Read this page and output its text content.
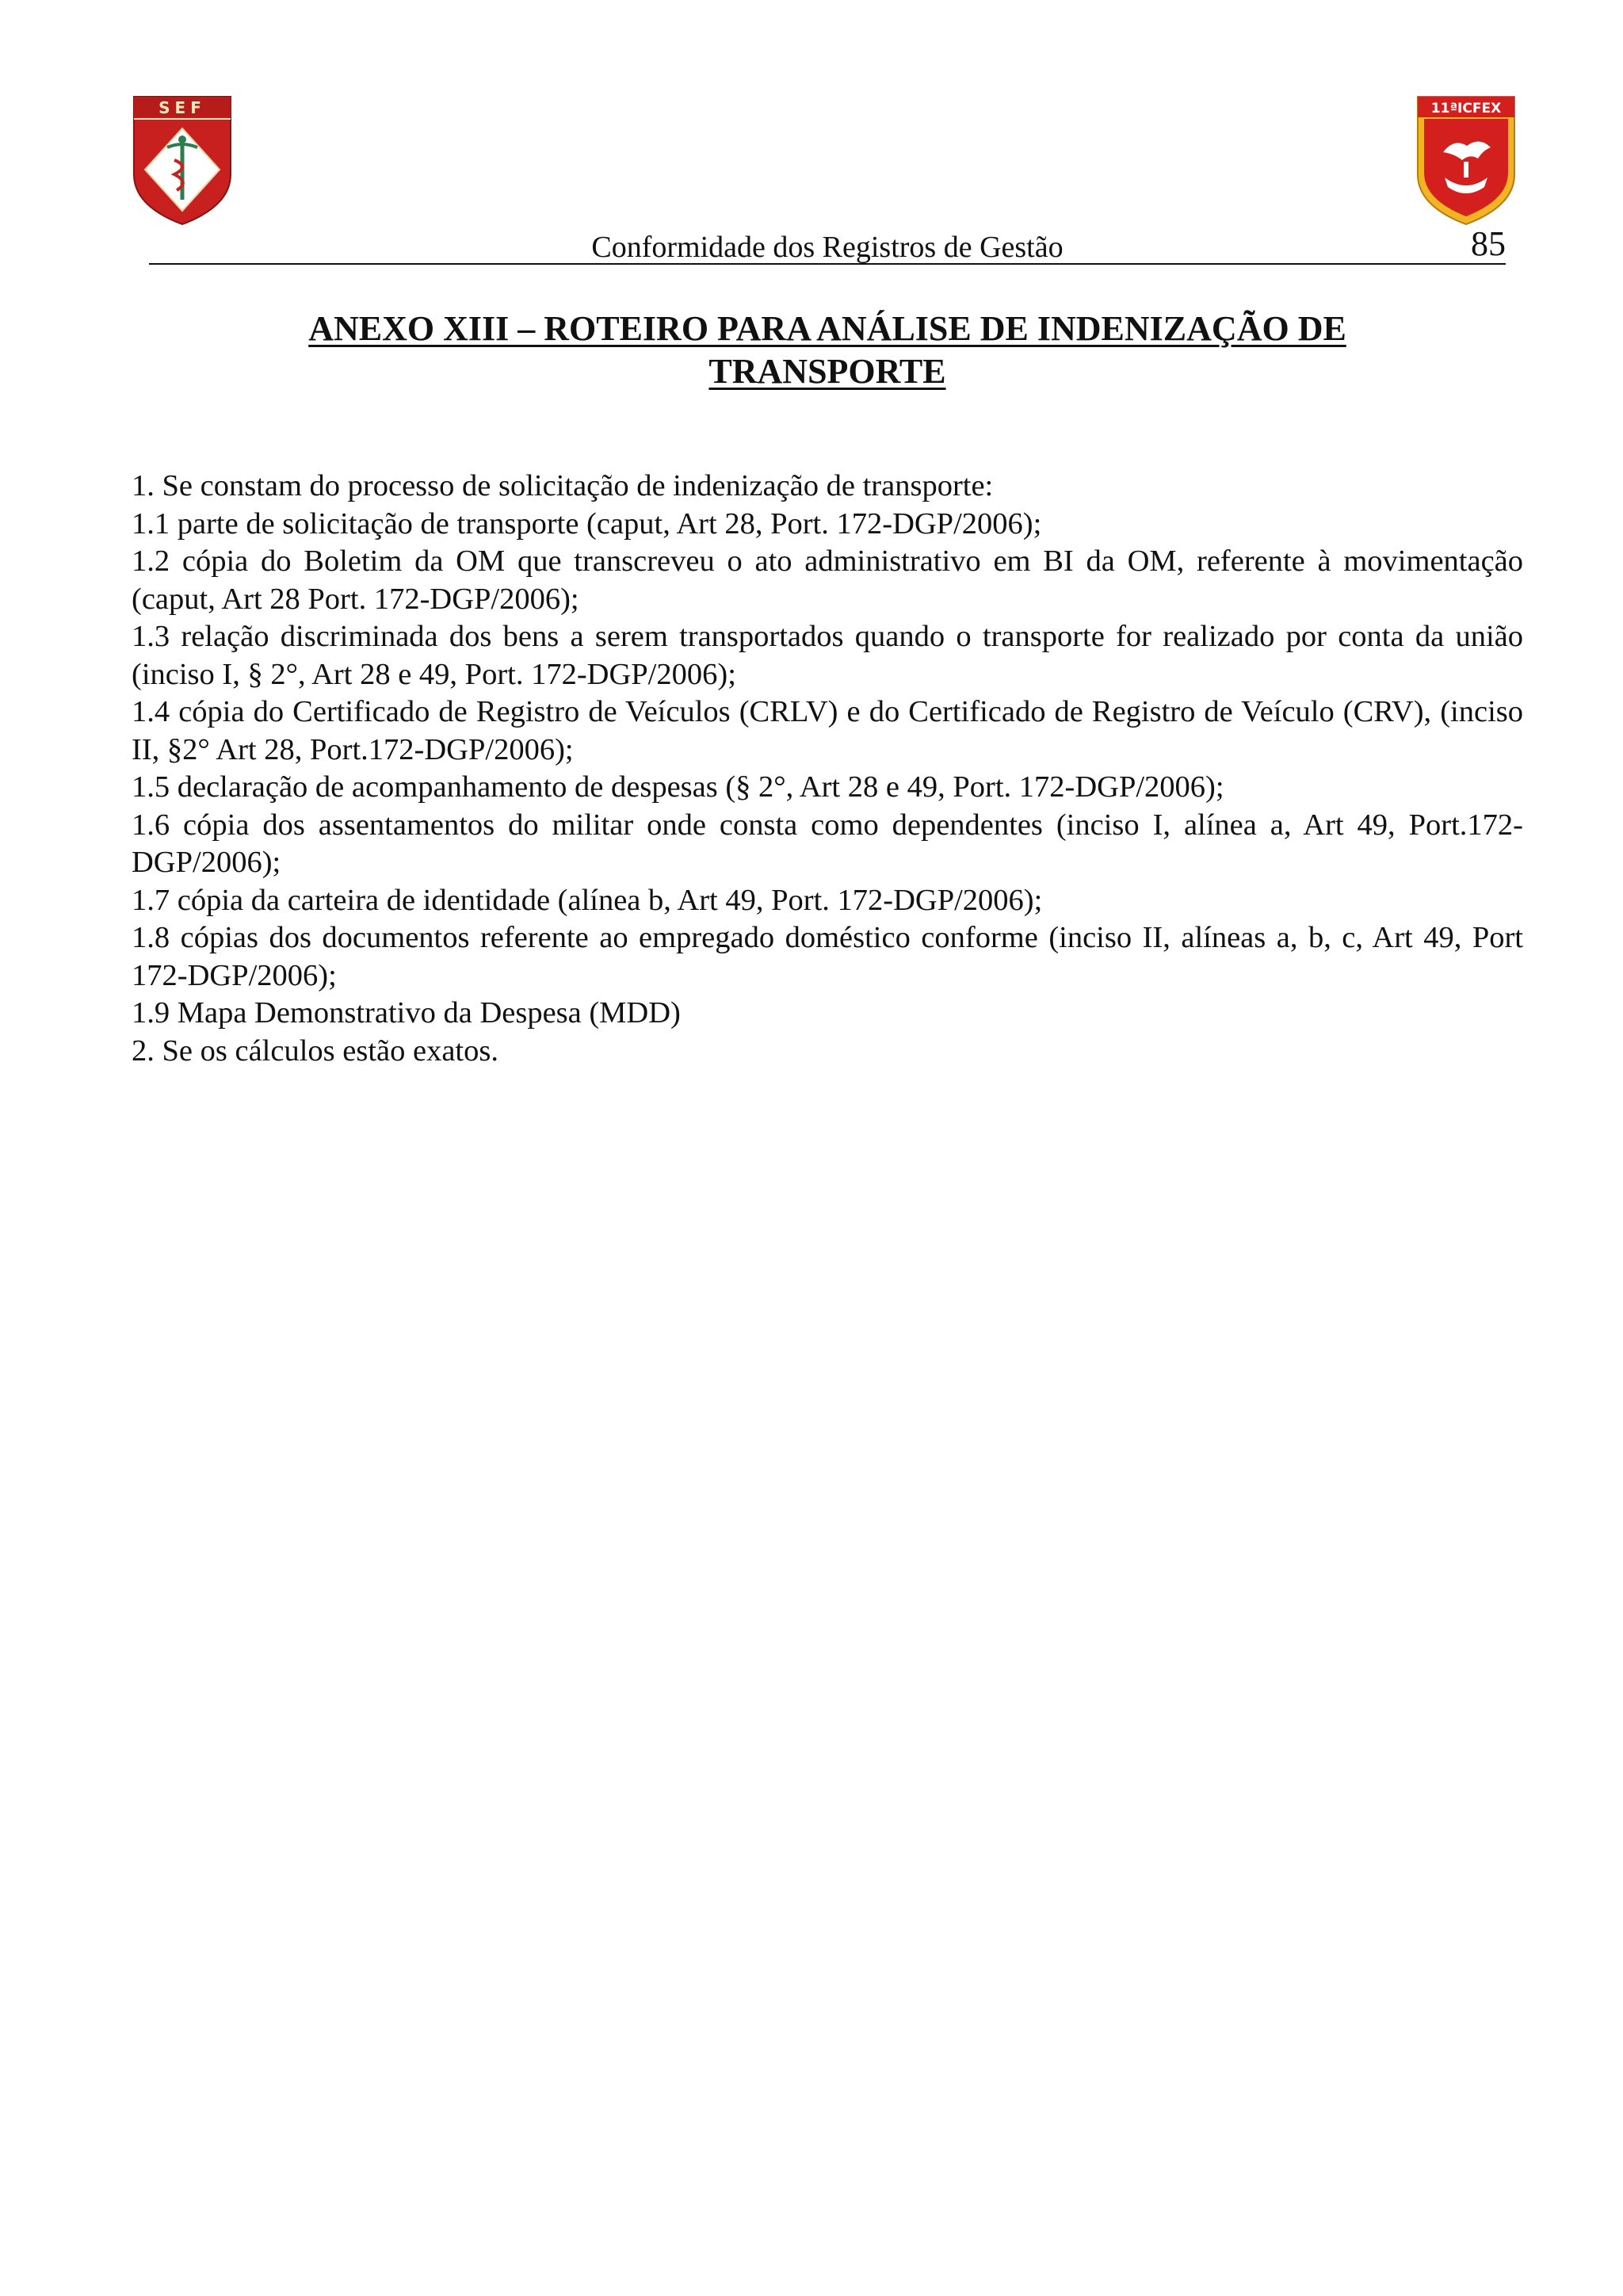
SEF	11ªICFEX
Conformidade dos Registros de Gestão	85
ANEXO XIII – ROTEIRO PARA ANÁLISE DE INDENIZAÇÃO DE
TRANSPORTE

1. Se constam do processo de solicitação de indenização de transporte:

1.1 parte de solicitação de transporte (caput, Art 28, Port. 172-DGP/2006);

1.2 cópia do Boletim da OM que transcreveu o ato administrativo em BI da OM, referente à movimentação (caput, Art 28 Port. 172-DGP/2006);

1.3 relação discriminada dos bens a serem transportados quando o transporte for realizado por conta da união (inciso I, § 2°, Art 28 e 49, Port. 172-DGP/2006);

1.4 cópia do Certificado de Registro de Veículos (CRLV) e do Certificado de Registro de Veículo (CRV), (inciso II, §2° Art 28, Port.172-DGP/2006);

1.5 declaração de acompanhamento de despesas (§ 2°, Art 28 e 49, Port. 172-DGP/2006);

1.6 cópia dos assentamentos do militar onde consta como dependentes (inciso I, alínea a, Art 49, Port.172-DGP/2006);

1.7 cópia da carteira de identidade (alínea b, Art 49, Port. 172-DGP/2006);

1.8 cópias dos documentos referente ao empregado doméstico conforme (inciso II, alíneas a, b, c, Art 49, Port 172-DGP/2006);

1.9 Mapa Demonstrativo da Despesa (MDD)

2. Se os cálculos estão exatos.
